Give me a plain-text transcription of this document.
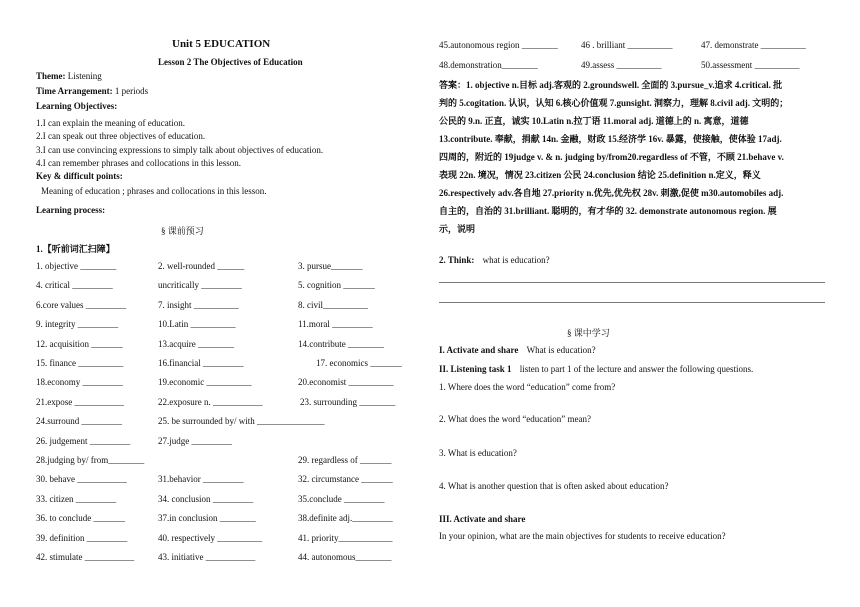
Unit 5 EDUCATION
Lesson 2 The Objectives of Education
Theme: Listening
Time Arrangement: 1 periods
Learning Objectives:
1.I can explain the meaning of education.
2.I can speak out three objectives of education.
3.I can use convincing expressions to simply talk about objectives of education.
4.I can remember phrases and collocations in this lesson.
Key & difficult points:
Meaning of education ; phrases and collocations in this lesson.
Learning process:
§ 课前预习
1.【听前词汇扫障】
1. objective ________	2. well-rounded ______	3. pursue_______
4. critical _________	uncritically _________	5. cognition _______
6.core values _________	7. insight __________	8. civil__________
9. integrity _________	10.Latin __________	11.moral _________
12. acquisition _______	13.acquire ________	14.contribute ________
15. finance __________	16.financial _________	17. economics _______
18.economy _________	19.economic __________	20.economist __________
21.expose ___________	22.exposure n. ___________	23. surrounding ________
24.surround _________	25. be surrounded by/ with _______________
26. judgement _________	27.judge _________
28.judging by/ from________	29. regardless of _______
30. behave ___________	31.behavior _________	32. circumstance _______
33. citizen _________	34. conclusion _________	35.conclude _________
36. to conclude _______	37.in conclusion ________	38.definite adj._________
39. definition _________	40. respectively __________	41. priority____________
42. stimulate ___________	43. initiative ___________	44. autonomous________
45.autonomous region ________	46 . brilliant __________	47. demonstrate __________
48.demonstration________	49.assess __________	50.assessment __________
答案：1. objective n.目标 adj.客观的 2.groundswell. 全面的 3.pursue_v.追求 4.critical. 批
判的 5.cogitation. 认识，认知 6.核心价值观 7.gunsight. 洞察力，理解 8.civil adj. 文明的；
公民的 9.n. 正直，诚实 10.Latin n.拉丁语 11.moral adj. 道德上的 n. 寓意，道德
13.contribute. 奉献，捐献 14n. 金融，财政 15.经济学 16v. 暴露，使接触，使体验 17adj.
四周的，附近的 19judge v. & n. judging by/from20.regardless of 不管，不顾 21.behave v.
表现 22n. 境况，情况 23.citizen 公民 24.conclusion 结论 25.definition n.定义，释义
26.respectively adv.各自地 27.priority n.优先,优先权 28v. 刺激,促使 m30.automobiles adj.
自主的，自治的 31.brilliant. 聪明的，有才华的 32. demonstrate autonomous region. 展
示，说明
2. Think: what is education?
§ 课中学习
I. Activate and share What is education?
II. Listening task 1 listen to part 1 of the lecture and answer the following questions.
1. Where does the word “education” come from?
2. What does the word “education” mean?
3. What is education?
4. What is another question that is often asked about education?
III. Activate and share
In your opinion, what are the main objectives for students to receive education?
